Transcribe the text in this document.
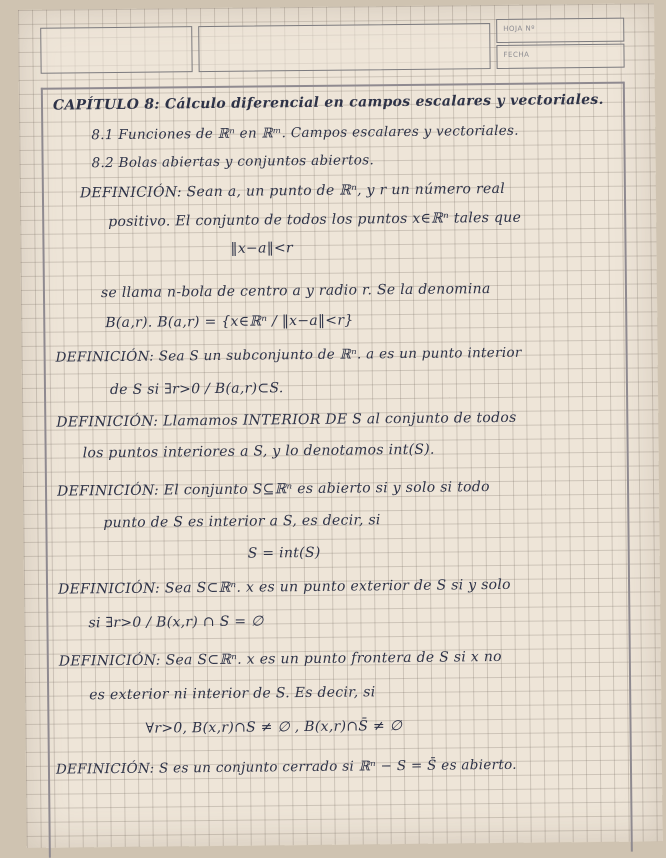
HOJA Nº
FECHA
CAPÍTULO 8: Cálculo diferencial en campos escalares y vectoriales.
8.1 Funciones de ℝⁿ en ℝᵐ. Campos escalares y vectoriales.
8.2 Bolas abiertas y conjuntos abiertos.
DEFINICIÓN: Sean a, un punto de ℝⁿ, y r un número real
positivo. El conjunto de todos los puntos x∈ℝⁿ tales que
‖x−a‖<r
se llama n-bola de centro a y radio r. Se la denomina
B(a,r). B(a,r) = {x∈ℝⁿ / ‖x−a‖<r}
DEFINICIÓN: Sea S un subconjunto de ℝⁿ. a es un punto interior
de S si ∃r>0 / B(a,r)⊂S.
DEFINICIÓN: Llamamos INTERIOR DE S al conjunto de todos
los puntos interiores a S, y lo denotamos int(S).
DEFINICIÓN: El conjunto S⊆ℝⁿ es abierto si y solo si todo
punto de S es interior a S, es decir, si
S = int(S)
DEFINICIÓN: Sea S⊂ℝⁿ. x es un punto exterior de S si y solo
si ∃r>0 / B(x,r) ∩ S = ∅
DEFINICIÓN: Sea S⊂ℝⁿ. x es un punto frontera de S si x no
es exterior ni interior de S. Es decir, si
∀r>0, B(x,r)∩S ≠ ∅ , B(x,r)∩S̄ ≠ ∅
DEFINICIÓN: S es un conjunto cerrado si ℝⁿ − S = S̄ es abierto.
